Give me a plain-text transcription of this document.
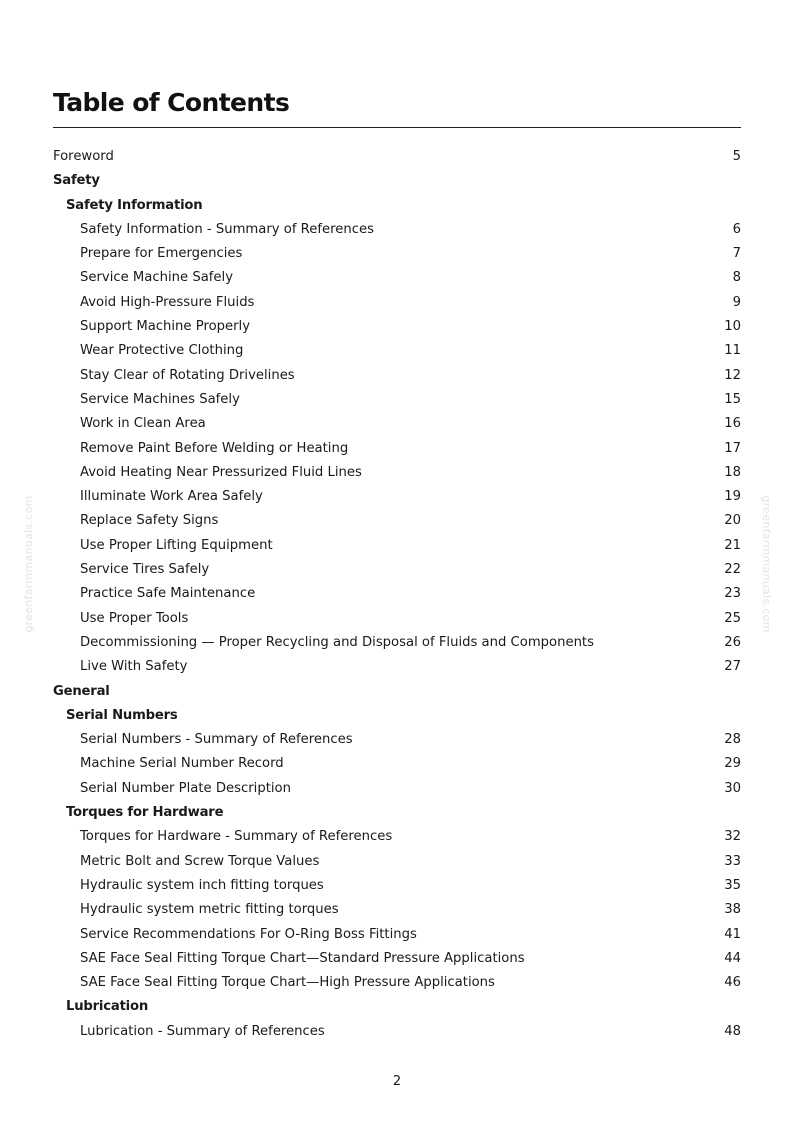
Table of Contents
Foreword	5
Safety
Safety Information
Safety Information - Summary of References	6
Prepare for Emergencies	7
Service Machine Safely	8
Avoid High-Pressure Fluids	9
Support Machine Properly	10
Wear Protective Clothing	11
Stay Clear of Rotating Drivelines	12
Service Machines Safely	15
Work in Clean Area	16
Remove Paint Before Welding or Heating	17
Avoid Heating Near Pressurized Fluid Lines	18
Illuminate Work Area Safely	19
Replace Safety Signs	20
Use Proper Lifting Equipment	21
Service Tires Safely	22
Practice Safe Maintenance	23
Use Proper Tools	25
Decommissioning — Proper Recycling and Disposal of Fluids and Components	26
Live With Safety	27
General
Serial Numbers
Serial Numbers - Summary of References	28
Machine Serial Number Record	29
Serial Number Plate Description	30
Torques for Hardware
Torques for Hardware - Summary of References	32
Metric Bolt and Screw Torque Values	33
Hydraulic system inch fitting torques	35
Hydraulic system metric fitting torques	38
Service Recommendations For O-Ring Boss Fittings	41
SAE Face Seal Fitting Torque Chart—Standard Pressure Applications	44
SAE Face Seal Fitting Torque Chart—High Pressure Applications	46
Lubrication
Lubrication - Summary of References	48
greenfarmmanuals.com	greenfarmmanuals.com
2
